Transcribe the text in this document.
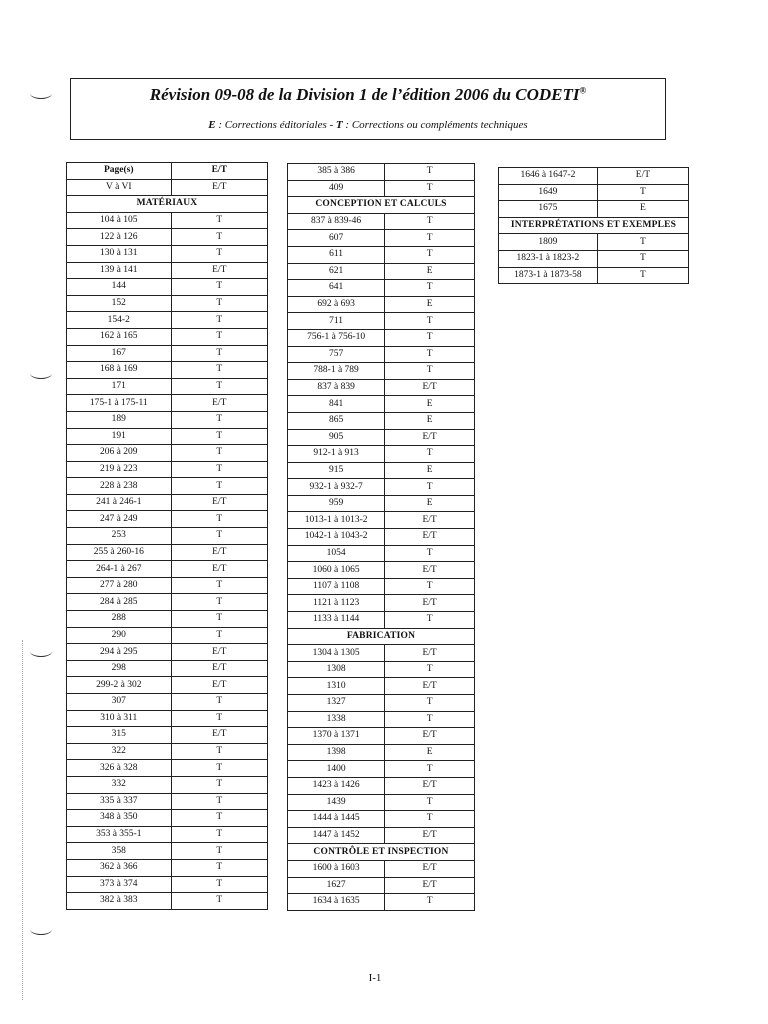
Révision 09-08 de la Division 1 de l’édition 2006 du CODETI®
E : Corrections éditoriales - T : Corrections ou compléments techniques
Page(s)	E/T
V à VI	E/T
MATÉRIAUX	
104 à 105	T
122 à 126	T
130 à 131	T
139 à 141	E/T
144	T
152	T
154-2	T
162 à 165	T
167	T
168 à 169	T
171	T
175-1 à 175-11	E/T
189	T
191	T
206 à 209	T
219 à 223	T
228 à 238	T
241 à 246-1	E/T
247 à 249	T
253	T
255 à 260-16	E/T
264-1 à 267	E/T
277 à 280	T
284 à 285	T
288	T
290	T
294 à 295	E/T
298	E/T
299-2 à 302	E/T
307	T
310 à 311	T
315	E/T
322	T
326 à 328	T
332	T
335 à 337	T
348 à 350	T
353 à 355-1	T
358	T
362 à 366	T
373 à 374	T
382 à 383	T
385 à 386	T
409	T
CONCEPTION ET CALCULS	
837 à 839-46	T
607	T
611	T
621	E
641	T
692 à 693	E
711	T
756-1 à 756-10	T
757	T
788-1 à 789	T
837 à 839	E/T
841	E
865	E
905	E/T
912-1 à 913	T
915	E
932-1 à 932-7	T
959	E
1013-1 à 1013-2	E/T
1042-1 à 1043-2	E/T
1054	T
1060 à 1065	E/T
1107 à 1108	T
1121 à 1123	E/T
1133 à 1144	T
FABRICATION	
1304 à 1305	E/T
1308	T
1310	E/T
1327	T
1338	T
1370 à 1371	E/T
1398	E
1400	T
1423 à 1426	E/T
1439	T
1444 à 1445	T
1447 à 1452	E/T
CONTRÔLE ET INSPECTION	
1600 à 1603	E/T
1627	E/T
1634 à 1635	T
1646 à 1647-2	E/T
1649	T
1675	E
INTERPRÉTATIONS ET EXEMPLES	
1809	T
1823-1 à 1823-2	T
1873-1 à 1873-58	T
I-1
